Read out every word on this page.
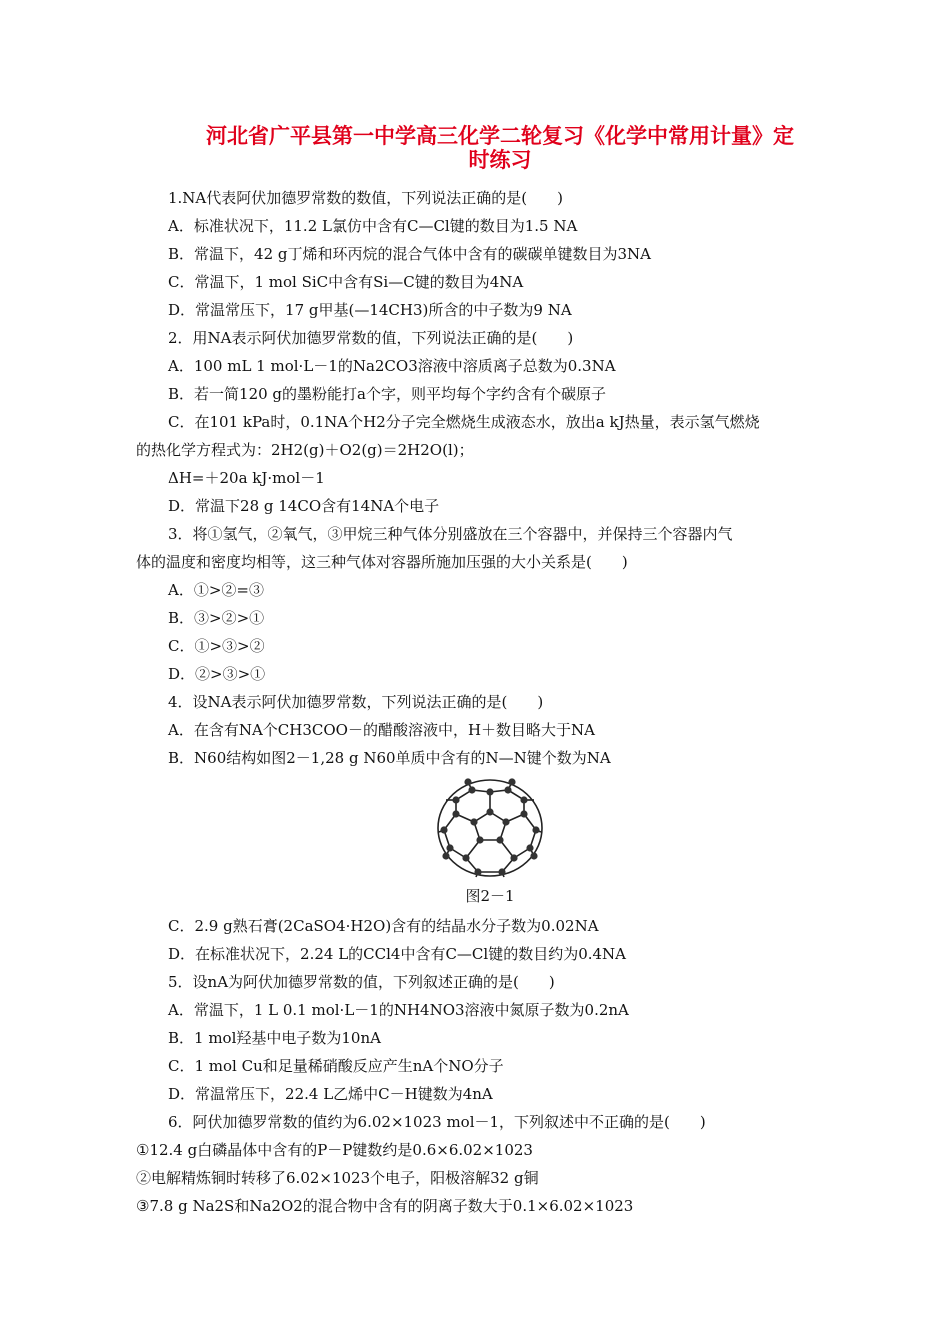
河北省广平县第一中学高三化学二轮复习《化学中常用计量》定
时练习
1.NA代表阿伏加德罗常数的数值，下列说法正确的是(　　)
A．标准状况下，11.2 L氯仿中含有C—Cl键的数目为1.5 NA
B．常温下，42 g丁烯和环丙烷的混合气体中含有的碳碳单键数目为3NA
C．常温下，1 mol SiC中含有Si—C键的数目为4NA
D．常温常压下，17 g甲基(—14CH3)所含的中子数为9 NA
2．用NA表示阿伏加德罗常数的值，下列说法正确的是(　　)
A．100 mL 1 mol·L－1的Na2CO3溶液中溶质离子总数为0.3NA
B．若一简120 g的墨粉能打a个字，则平均每个字约含有个碳原子
C．在101 kPa时，0.1NA个H2分子完全燃烧生成液态水，放出a kJ热量，表示氢气燃烧
的热化学方程式为：2H2(g)＋O2(g)＝2H2O(l)；
ΔH=＋20a kJ·mol－1
D．常温下28 g 14CO含有14NA个电子
3．将①氢气，②氧气，③甲烷三种气体分别盛放在三个容器中，并保持三个容器内气
体的温度和密度均相等，这三种气体对容器所施加压强的大小关系是(　　)
A．①>②=③
B．③>②>①
C．①>③>②
D．②>③>①
4．设NA表示阿伏加德罗常数，下列说法正确的是(　　)
A．在含有NA个CH3COO－的醋酸溶液中，H＋数目略大于NA
B．N60结构如图2－1,28 g N60单质中含有的N—N键个数为NA
图2－1
C．2.9 g熟石膏(2CaSO4·H2O)含有的结晶水分子数为0.02NA
D．在标准状况下，2.24 L的CCl4中含有C—Cl键的数目约为0.4NA
5．设nA为阿伏加德罗常数的值，下列叙述正确的是(　　)
A．常温下，1 L 0.1 mol·L－1的NH4NO3溶液中氮原子数为0.2nA
B．1 mol羟基中电子数为10nA
C．1 mol Cu和足量稀硝酸反应产生nA个NO分子
D．常温常压下，22.4 L乙烯中C－H键数为4nA
6．阿伏加德罗常数的值约为6.02×1023 mol－1，下列叙述中不正确的是(　　)
①12.4 g白磷晶体中含有的P－P键数约是0.6×6.02×1023
②电解精炼铜时转移了6.02×1023个电子，阳极溶解32 g铜
③7.8 g Na2S和Na2O2的混合物中含有的阴离子数大于0.1×6.02×1023
